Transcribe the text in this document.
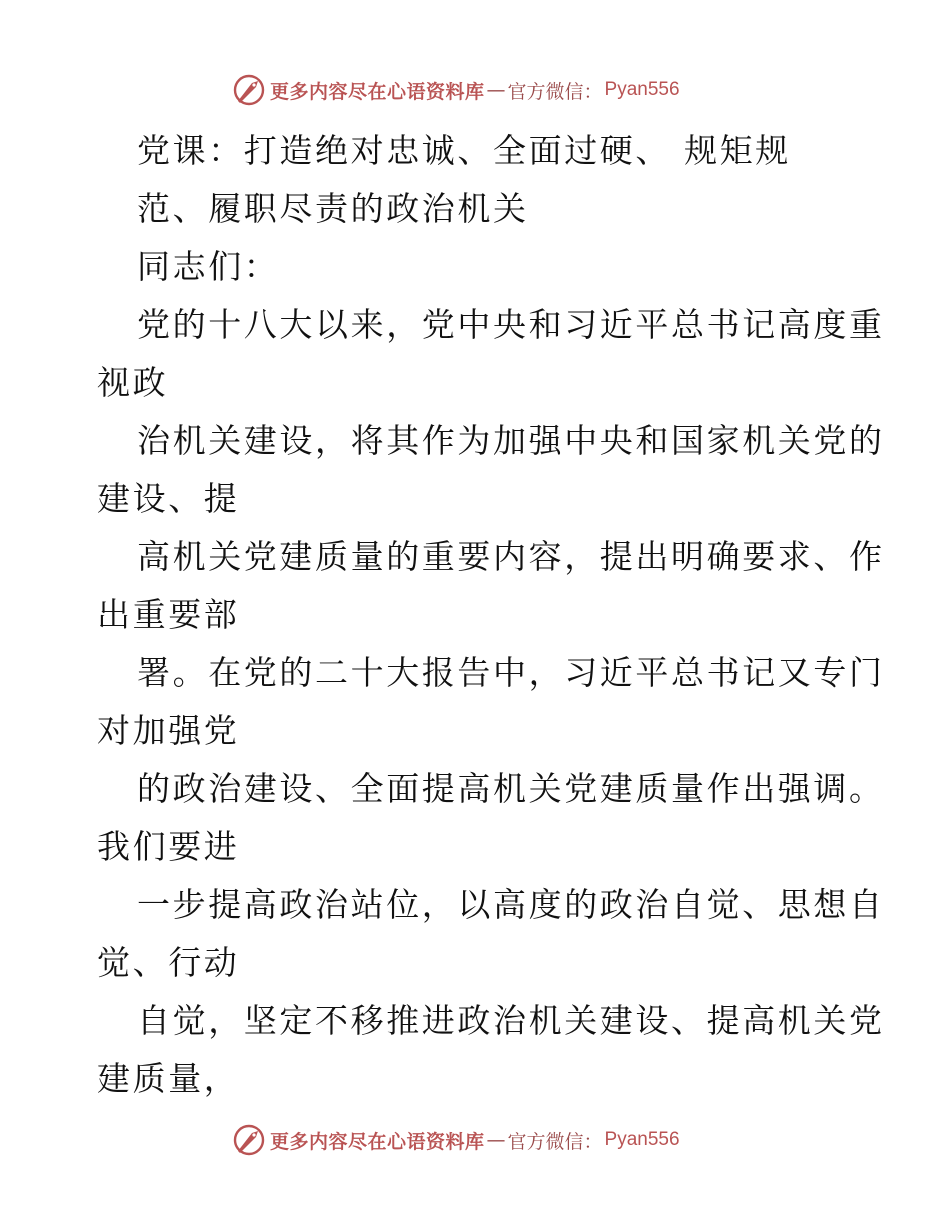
更多内容尽在心语资料库 — 官方微信： Pyan556
党课：打造绝对忠诚、全面过硬、 规矩规
范、履职尽责的政治机关
同志们：
党的十八大以来，党中央和习近平总书记高度重
视政
治机关建设，将其作为加强中央和国家机关党的
建设、提
高机关党建质量的重要内容，提出明确要求、作
出重要部
署。在党的二十大报告中，习近平总书记又专门
对加强党
的政治建设、全面提高机关党建质量作出强调。
我们要进
一步提高政治站位，以高度的政治自觉、思想自
觉、行动
自觉，坚定不移推进政治机关建设、提高机关党
建质量，
更多内容尽在心语资料库 — 官方微信： Pyan556
